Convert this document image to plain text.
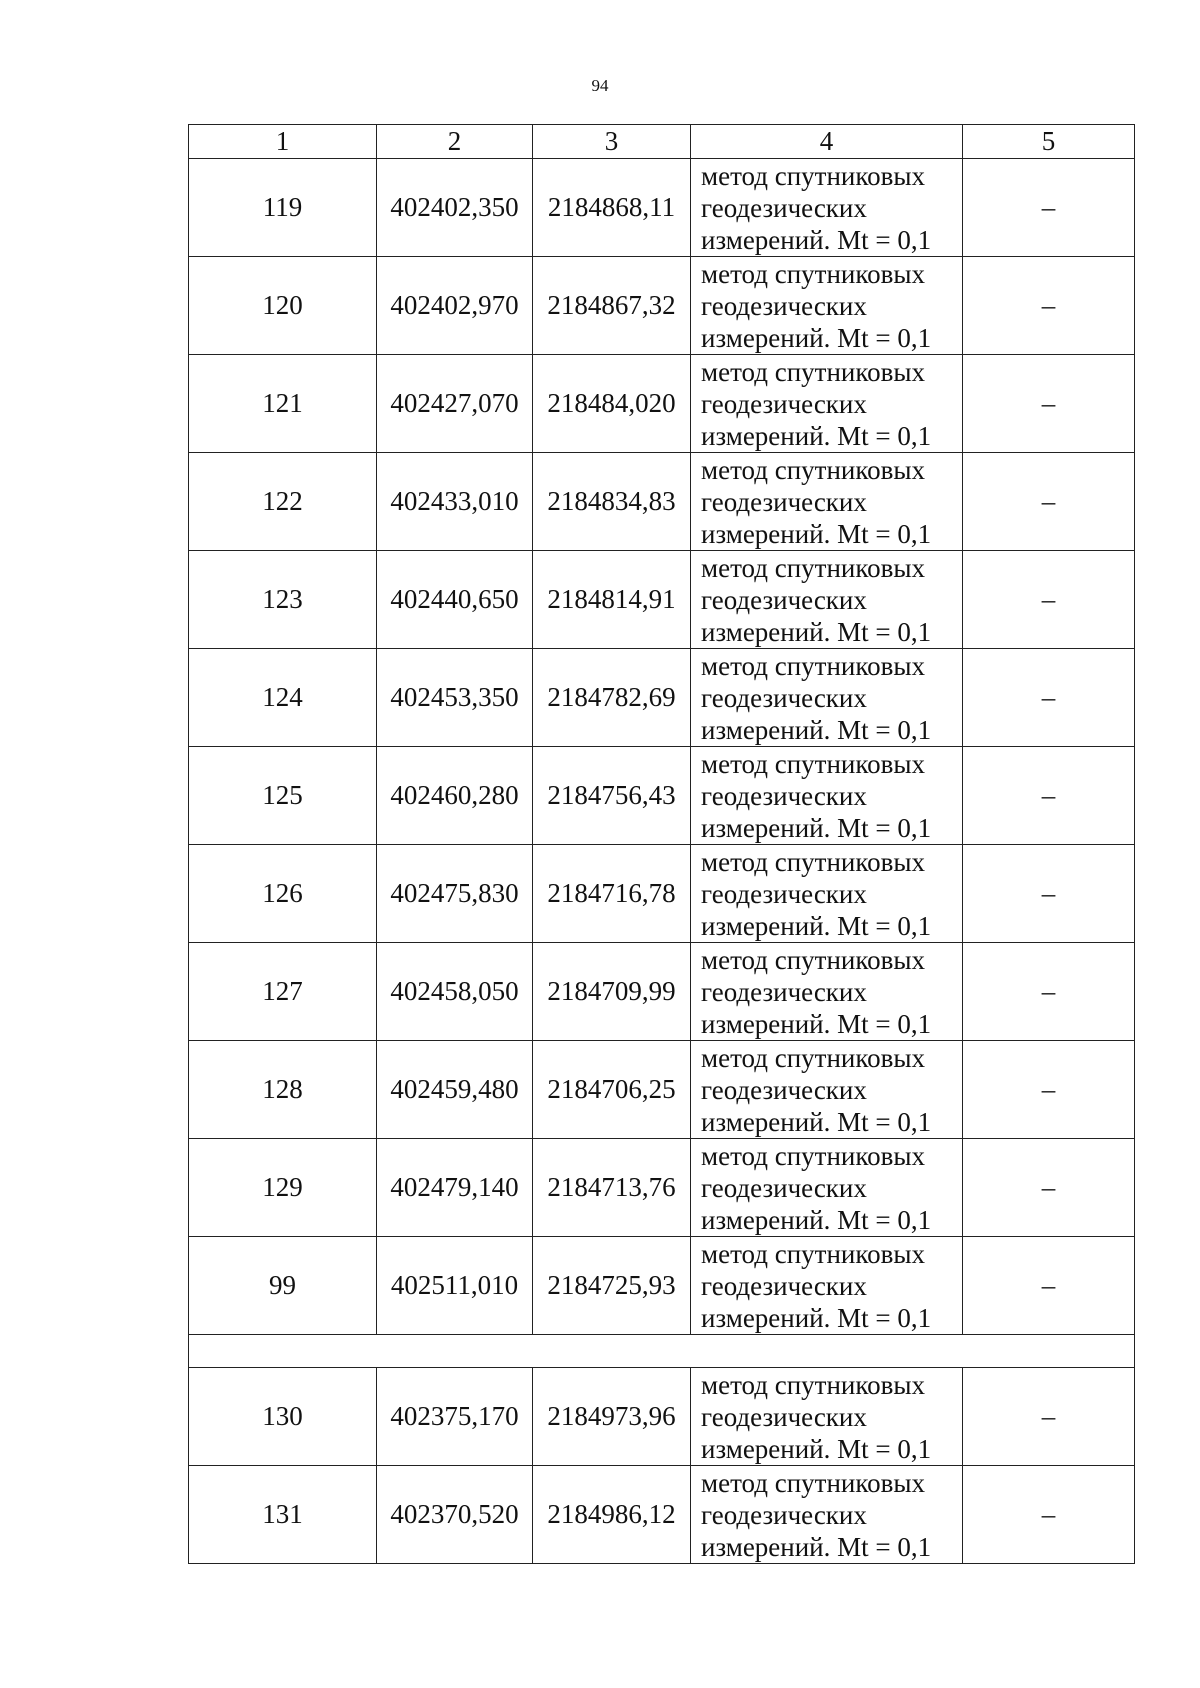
94
1	2	3	4	5
119	402402,350	2184868,11	метод спутниковых
геодезических
измерений. Mt = 0,1	–
120	402402,970	2184867,32	метод спутниковых
геодезических
измерений. Mt = 0,1	–
121	402427,070	218484,020	метод спутниковых
геодезических
измерений. Mt = 0,1	–
122	402433,010	2184834,83	метод спутниковых
геодезических
измерений. Mt = 0,1	–
123	402440,650	2184814,91	метод спутниковых
геодезических
измерений. Mt = 0,1	–
124	402453,350	2184782,69	метод спутниковых
геодезических
измерений. Mt = 0,1	–
125	402460,280	2184756,43	метод спутниковых
геодезических
измерений. Mt = 0,1	–
126	402475,830	2184716,78	метод спутниковых
геодезических
измерений. Mt = 0,1	–
127	402458,050	2184709,99	метод спутниковых
геодезических
измерений. Mt = 0,1	–
128	402459,480	2184706,25	метод спутниковых
геодезических
измерений. Mt = 0,1	–
129	402479,140	2184713,76	метод спутниковых
геодезических
измерений. Mt = 0,1	–
99	402511,010	2184725,93	метод спутниковых
геодезических
измерений. Mt = 0,1	–

130	402375,170	2184973,96	метод спутниковых
геодезических
измерений. Mt = 0,1	–
131	402370,520	2184986,12	метод спутниковых
геодезических
измерений. Mt = 0,1	–
